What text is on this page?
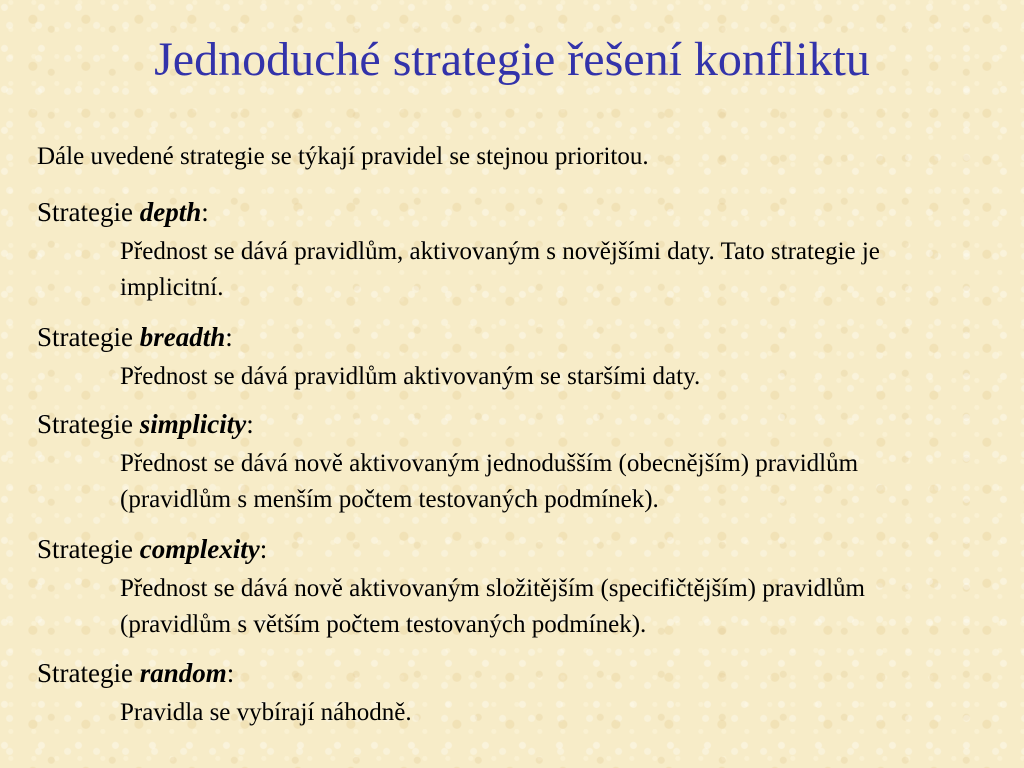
Jednoduché strategie řešení konfliktu

Dále uvedené strategie se týkají pravidel se stejnou prioritou.

Strategie depth:

Přednost se dává pravidlům, aktivovaným s novějšími daty. Tato strategie je implicitní.

Strategie breadth:

Přednost se dává pravidlům aktivovaným se staršími daty.

Strategie simplicity:

Přednost se dává nově aktivovaným jednodušším (obecnějším) pravidlům (pravidlům s menším počtem testovaných podmínek).

Strategie complexity:

Přednost se dává nově aktivovaným složitějším (specifičtějším) pravidlům (pravidlům s větším počtem testovaných podmínek).

Strategie random:

Pravidla se vybírají náhodně.
